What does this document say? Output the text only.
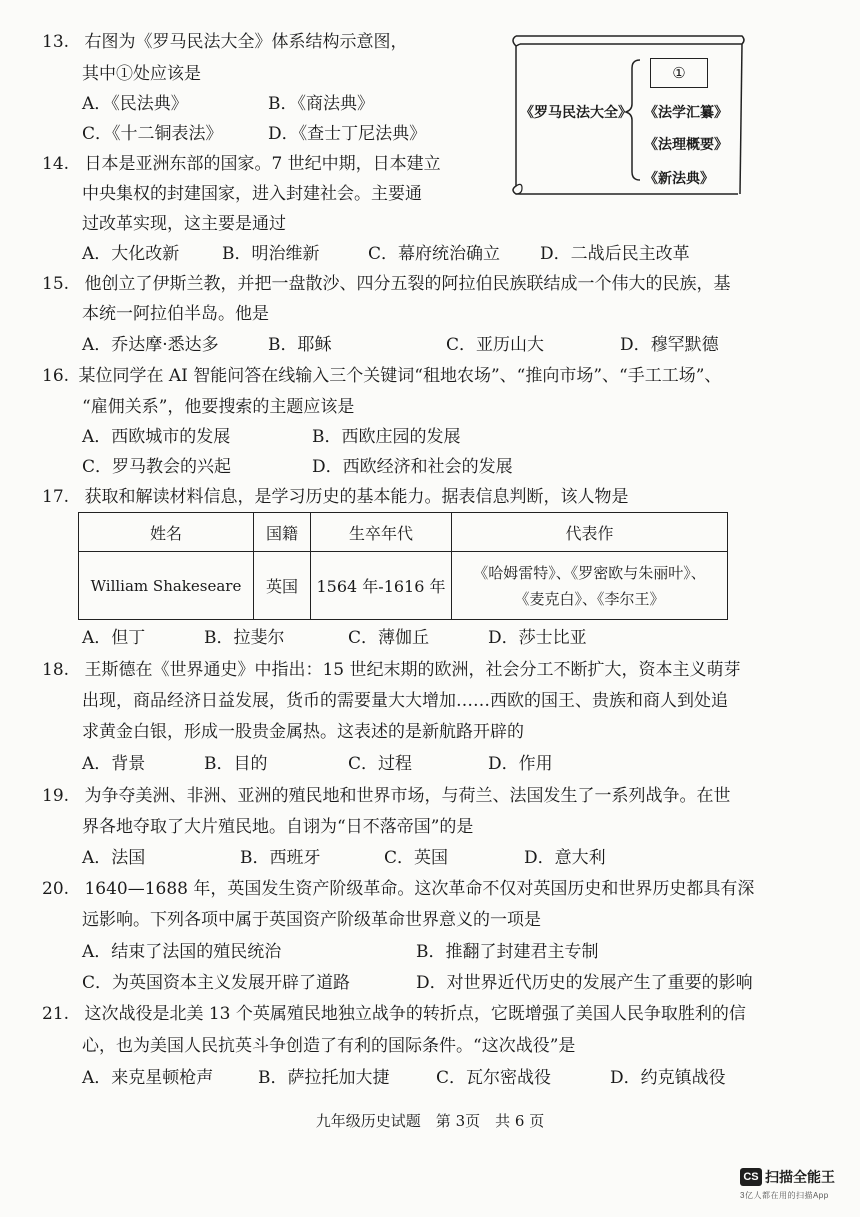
13. 右图为《罗马民法大全》体系结构示意图，
其中①处应该是
A．《民法典》	B．《商法典》
C．《十二铜表法》	D．《查士丁尼法典》
《罗马民法大全》
①
《法学汇纂》
《法理概要》
《新法典》
14. 日本是亚洲东部的国家。7 世纪中期，日本建立
中央集权的封建国家，进入封建社会。主要通
过改革实现，这主要是通过
A．大化改新	B．明治维新	C．幕府统治确立 D．二战后民主改革
15. 他创立了伊斯兰教，并把一盘散沙、四分五裂的阿拉伯民族联结成一个伟大的民族，基
本统一阿拉伯半岛。他是
A．乔达摩·悉达多	B．耶稣	C．亚历山大	D．穆罕默德
16. 某位同学在 AI 智能问答在线输入三个关键词“租地农场”、“推向市场”、“手工工场”、
“雇佣关系”，他要搜索的主题应该是
A．西欧城市的发展	B．西欧庄园的发展
C．罗马教会的兴起	D．西欧经济和社会的发展
17. 获取和解读材料信息，是学习历史的基本能力。据表信息判断，该人物是
姓名	国籍	生卒年代	代表作
William Shakeseare	英国	1564 年-1616 年	《哈姆雷特》、《罗密欧与朱丽叶》、
《麦克白》、《李尔王》
A．但丁	B．拉斐尔	C．薄伽丘	D．莎士比亚
18. 王斯德在《世界通史》中指出：15 世纪末期的欧洲，社会分工不断扩大，资本主义萌芽
出现，商品经济日益发展，货币的需要量大大增加……西欧的国王、贵族和商人到处追
求黄金白银，形成一股贵金属热。这表述的是新航路开辟的
A．背景	B．目的	C．过程	D．作用
19. 为争夺美洲、非洲、亚洲的殖民地和世界市场，与荷兰、法国发生了一系列战争。在世
界各地夺取了大片殖民地。自诩为“日不落帝国”的是
A．法国	B．西班牙	C．英国	D．意大利
20. 1640—1688 年，英国发生资产阶级革命。这次革命不仅对英国历史和世界历史都具有深
远影响。下列各项中属于英国资产阶级革命世界意义的一项是
A．结束了法国的殖民统治	B．推翻了封建君主专制
C．为英国资本主义发展开辟了道路	D．对世界近代历史的发展产生了重要的影响
21. 这次战役是北美 13 个英属殖民地独立战争的转折点，它既增强了美国人民争取胜利的信
心，也为美国人民抗英斗争创造了有利的国际条件。“这次战役”是
A．来克星顿枪声	B．萨拉托加大捷	C．瓦尔密战役	D．约克镇战役
九年级历史试题　第 3页　共 6 页
CS 扫描全能王
3亿人都在用的扫描App
